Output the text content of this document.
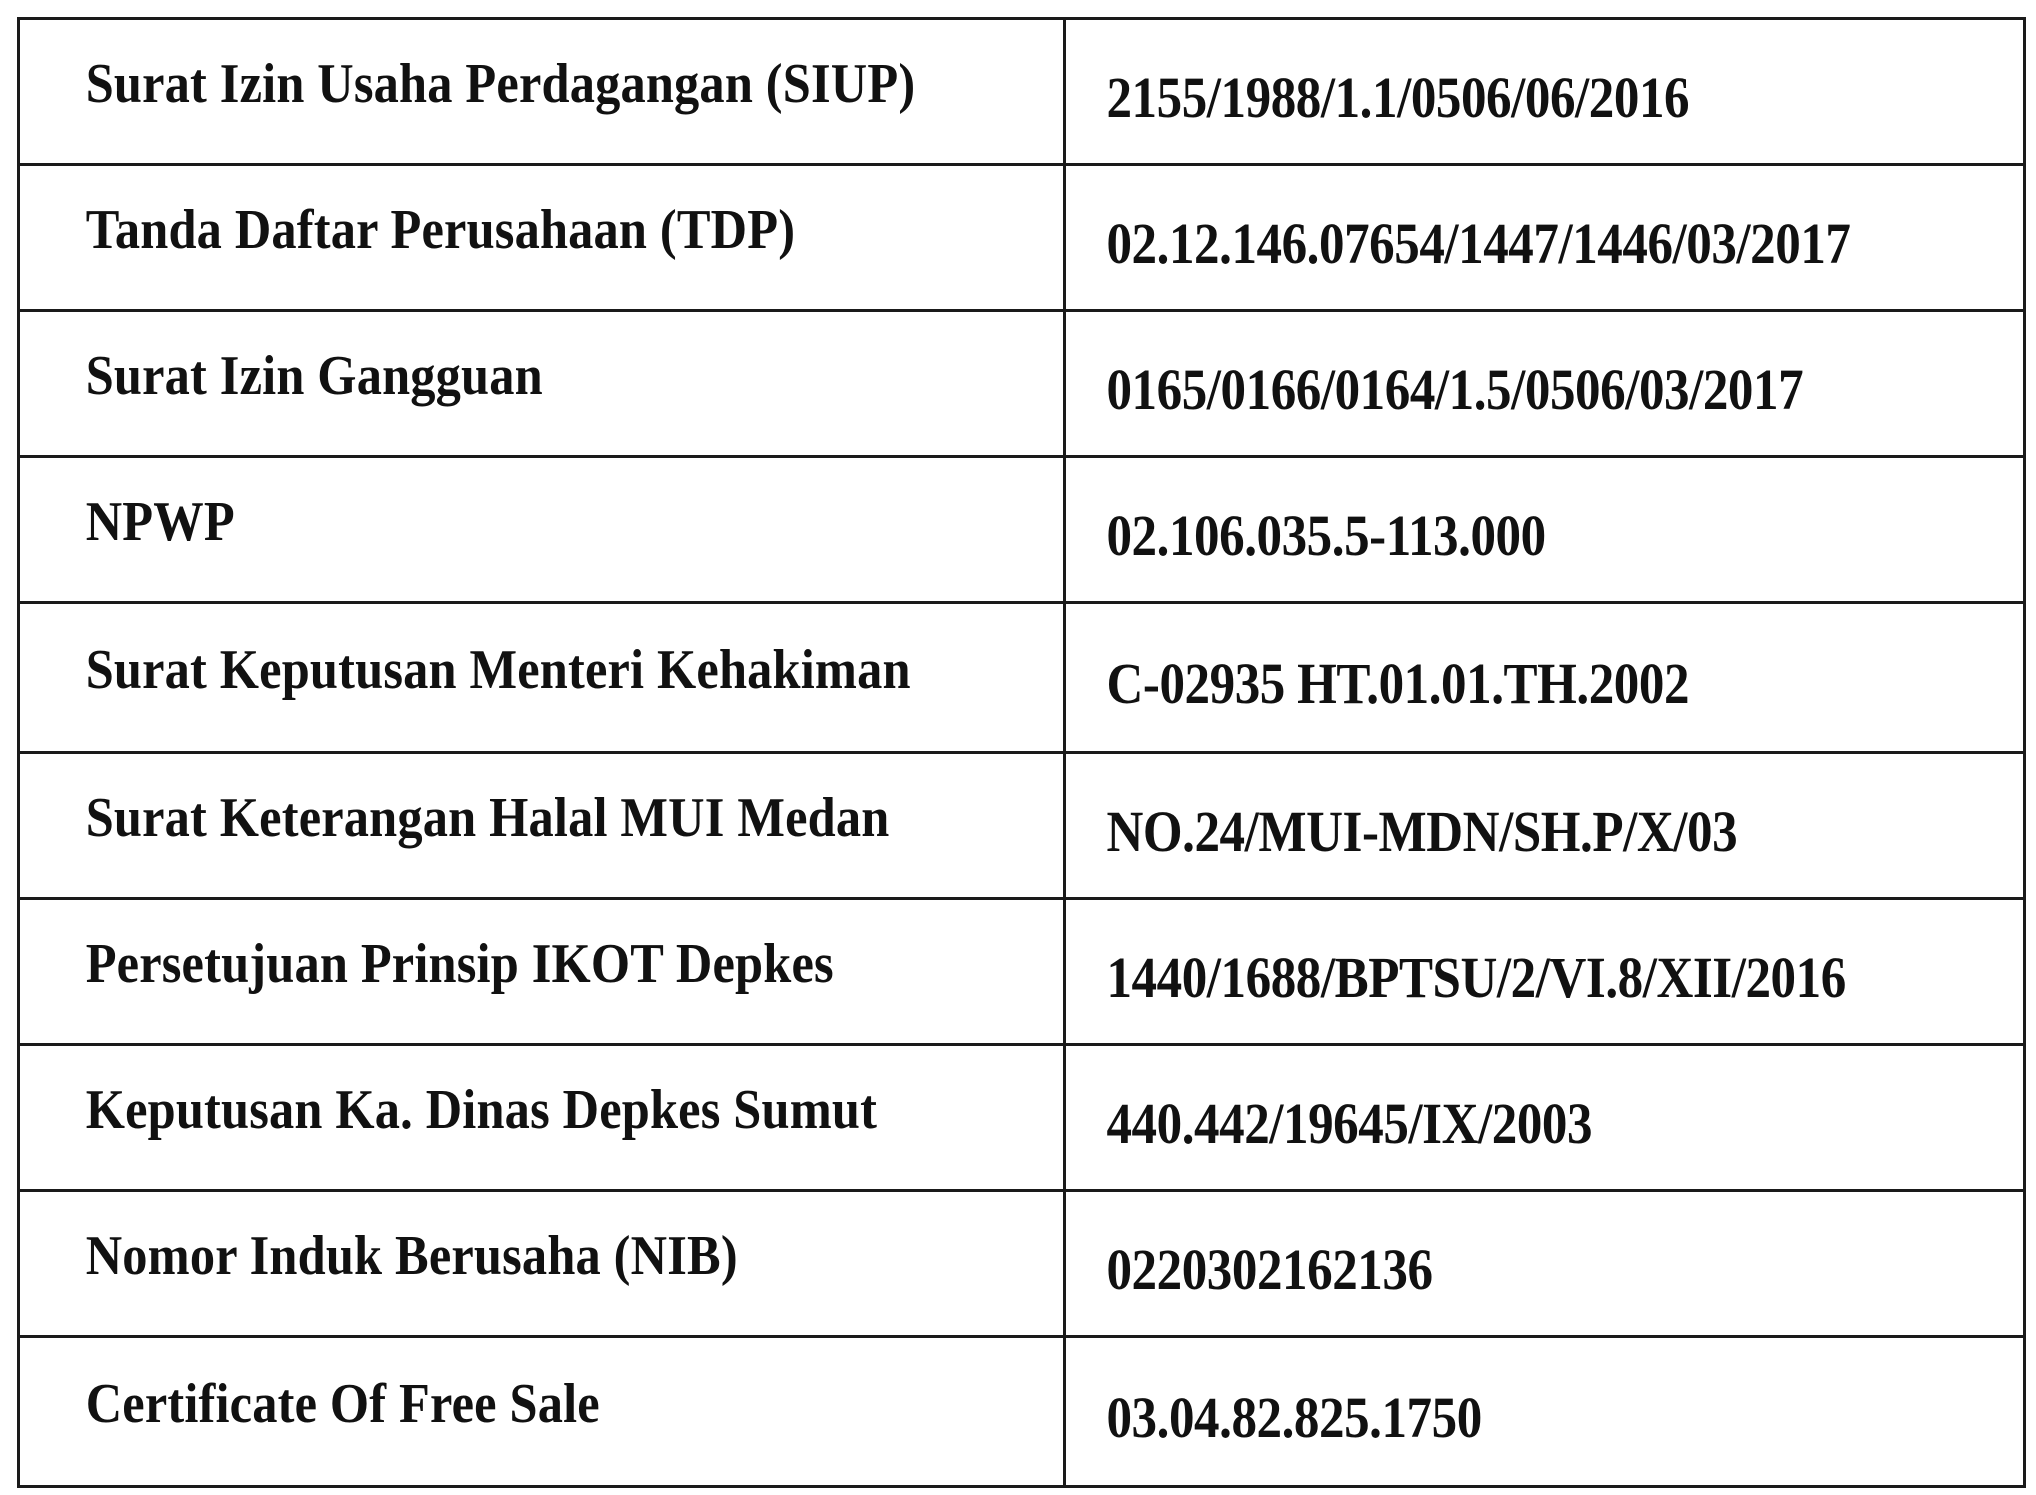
Surat Izin Usaha Perdagangan (SIUP)	2155/1988/1.1/0506/06/2016

Tanda Daftar Perusahaan (TDP)	02.12.146.07654/1447/1446/03/2017

Surat Izin Gangguan	0165/0166/0164/1.5/0506/03/2017

NPWP	02.106.035.5-113.000

Surat Keputusan Menteri Kehakiman	C-02935 HT.01.01.TH.2002

Surat Keterangan Halal MUI Medan	NO.24/MUI-MDN/SH.P/X/03

Persetujuan Prinsip IKOT Depkes	1440/1688/BPTSU/2/VI.8/XII/2016

Keputusan Ka. Dinas Depkes Sumut	440.442/19645/IX/2003

Nomor Induk Berusaha (NIB)	0220302162136

Certificate Of Free Sale	03.04.82.825.1750
